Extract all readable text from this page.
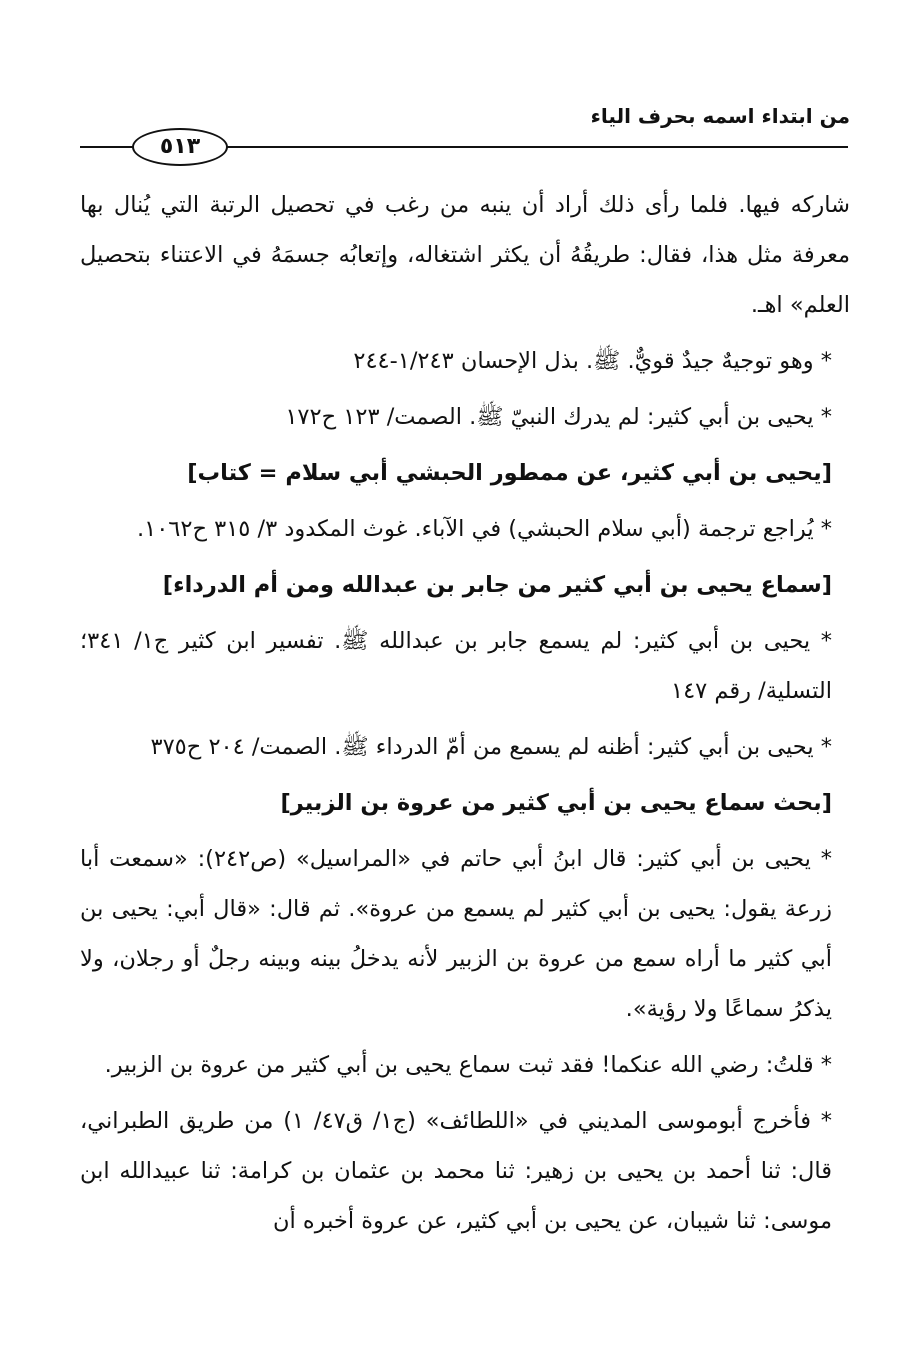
من ابتداء اسمه بحرف الياء
٥١٣

شاركه فيها. فلما رأى ذلك أراد أن ينبه من رغب في تحصيل الرتبة التي يُنال بها معرفة مثل هذا، فقال: طريقُهُ أن يكثر اشتغاله، وإتعابُه جسمَهُ في الاعتناء بتحصيل العلم» اهـ.

* وهو توجيهٌ جيدٌ قويٌّ. ﷺ. بذل الإحسان ١/٢٤٣-٢٤٤

* يحيى بن أبي كثير: لم يدرك النبيّ ﷺ. الصمت/ ١٢٣ ح١٧٢

[يحيى بن أبي كثير، عن ممطور الحبشي أبي سلام = كتاب]

* يُراجع ترجمة (أبي سلام الحبشي) في الآباء. غوث المكدود ٣/ ٣١٥ ح١٠٦٢.

[سماع يحيى بن أبي كثير من جابر بن عبدالله ومن أم الدرداء]

* يحيى بن أبي كثير: لم يسمع جابر بن عبدالله ﷺ. تفسير ابن كثير ج١/ ٣٤١؛ التسلية/ رقم ١٤٧

* يحيى بن أبي كثير: أظنه لم يسمع من أمّ الدرداء ﷺ. الصمت/ ٢٠٤ ح٣٧٥

[بحث سماع يحيى بن أبي كثير من عروة بن الزبير]

* يحيى بن أبي كثير: قال ابنُ أبي حاتم في «المراسيل» (ص٢٤٢): «سمعت أبا زرعة يقول: يحيى بن أبي كثير لم يسمع من عروة». ثم قال: «قال أبي: يحيى بن أبي كثير ما أراه سمع من عروة بن الزبير لأنه يدخلُ بينه وبينه رجلٌ أو رجلان، ولا يذكرُ سماعًا ولا رؤية».

* قلتُ: رضي الله عنكما! فقد ثبت سماع يحيى بن أبي كثير من عروة بن الزبير.

* فأخرج أبوموسى المديني في «اللطائف» (ج١/ ق٤٧/ ١) من طريق الطبراني، قال: ثنا أحمد بن يحيى بن زهير: ثنا محمد بن عثمان بن كرامة: ثنا عبيدالله ابن موسى: ثنا شيبان، عن يحيى بن أبي كثير، عن عروة أخبره أن
